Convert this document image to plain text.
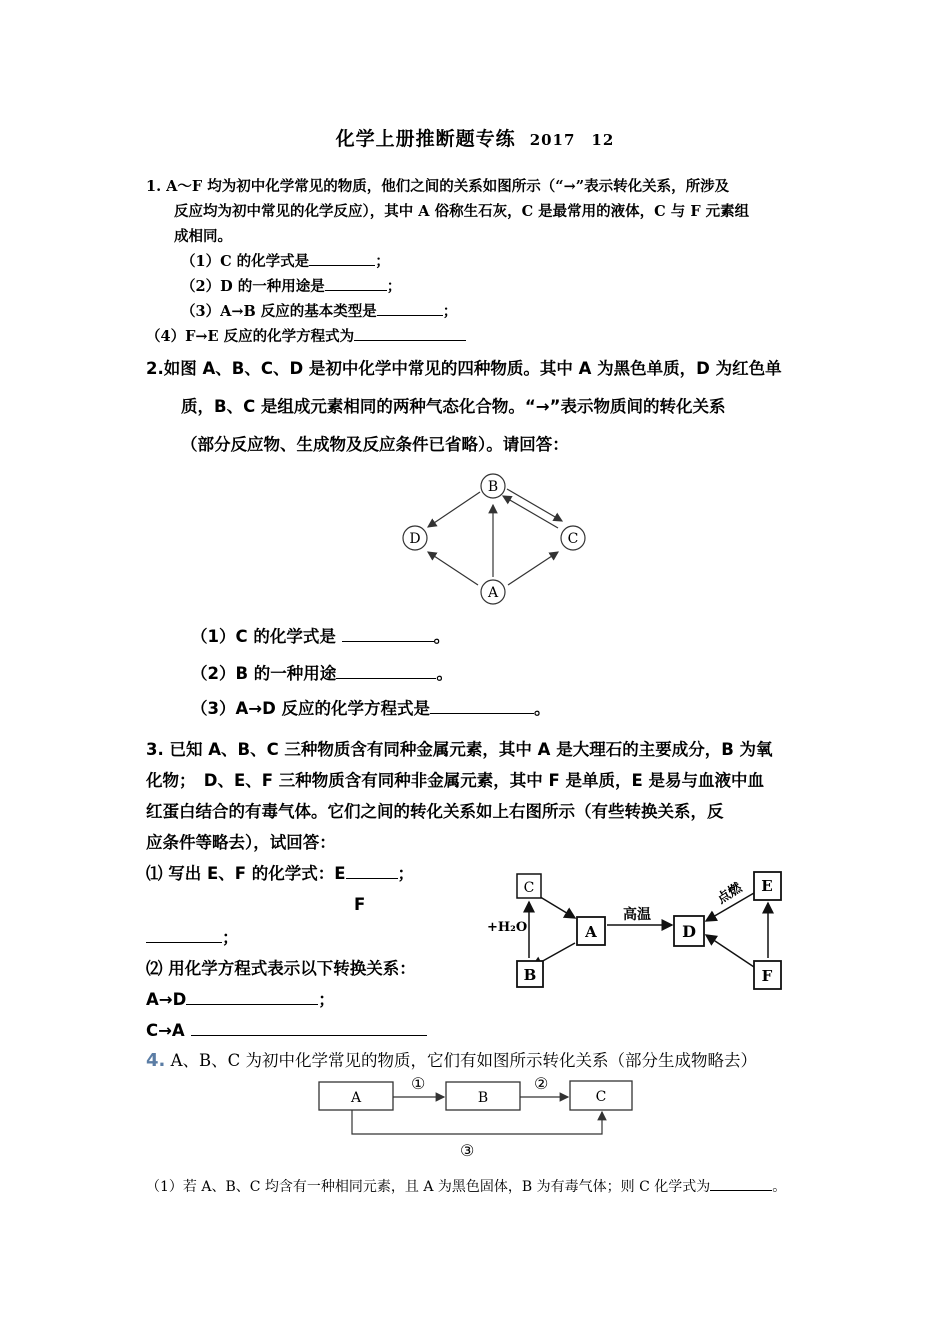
化学上册推断题专练 2017　12
1. A～F 均为初中化学常见的物质，他们之间的关系如图所示（“→”表示转化关系，所涉及
反应均为初中常见的化学反应），其中 A 俗称生石灰，C 是最常用的液体，C 与 F 元素组
成相同。
（1）C 的化学式是	；
（2）D 的一种用途是	；
（3）A→B 反应的基本类型是	；
（4）F→E 反应的化学方程式为
2.如图 A、B、C、D 是初中化学中常见的四种物质。其中 A 为黑色单质，D 为红色单
质，B、C 是组成元素相同的两种气态化合物。“→”表示物质间的转化关系
（部分反应物、生成物及反应条件已省略）。请回答：
B
D	C
A
（1）C 的化学式是	。
（2）B 的一种用途	。
（3）A→D 反应的化学方程式是	。
3. 已知 A、B、C 三种物质含有同种金属元素，其中 A 是大理石的主要成分，B 为氧
化物；　D、E、F 三种物质含有同种非金属元素，其中 F 是单质，E 是易与血液中血
红蛋白结合的有毒气体。它们之间的转化关系如上右图所示（有些转换关系，反
应条件等略去），试回答：
⑴ 写出 E、F 的化学式：E	；
F
；
⑵ 用化学方程式表示以下转换关系：
A→D	；
C→A
C
A
B
D
E
F
+H₂O
高温
点燃
4. A、B、C 为初中化学常见的物质，它们有如图所示转化关系（部分生成物略去）
A	B	C
①	②
③
（1）若 A、B、C 均含有一种相同元素，且 A 为黑色固体，B 为有毒气体；则 C 化学式为	。
